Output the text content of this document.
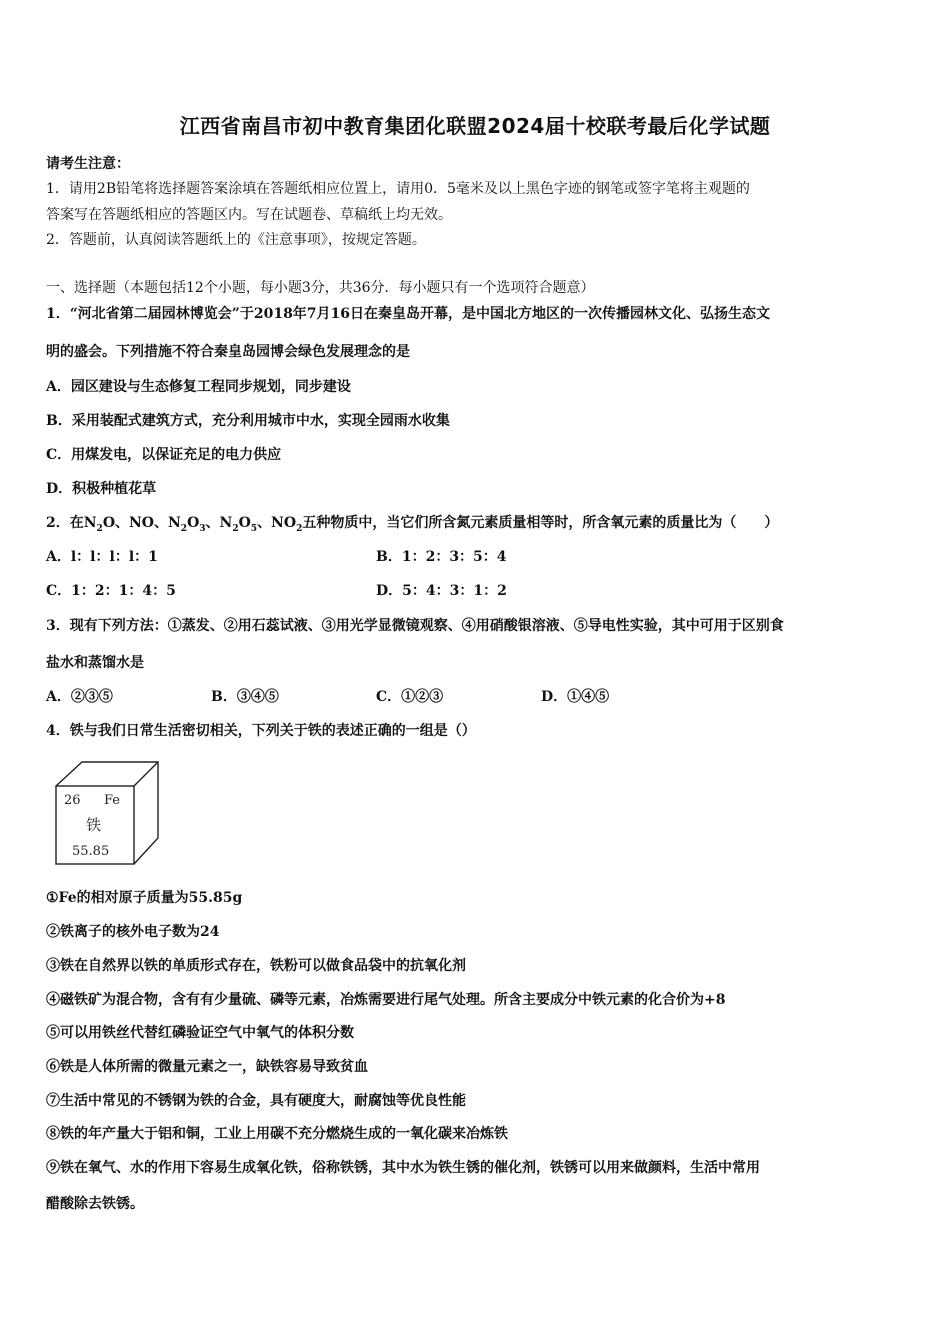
江西省南昌市初中教育集团化联盟2024届十校联考最后化学试题
请考生注意：
1．请用2B铅笔将选择题答案涂填在答题纸相应位置上，请用0．5毫米及以上黑色字迹的钢笔或签字笔将主观题的
答案写在答题纸相应的答题区内。写在试题卷、草稿纸上均无效。
2．答题前，认真阅读答题纸上的《注意事项》，按规定答题。
一、选择题（本题包括12个小题，每小题3分，共36分．每小题只有一个选项符合题意）
1．“河北省第二届园林博览会”于2018年7月16日在秦皇岛开幕，是中国北方地区的一次传播园林文化、弘扬生态文
明的盛会。下列措施不符合秦皇岛园博会绿色发展理念的是
A．园区建设与生态修复工程同步规划，同步建设
B．采用装配式建筑方式，充分利用城市中水，实现全园雨水收集
C．用煤发电，以保证充足的电力供应
D．积极种植花草
2．在$N_2O$、NO、$N_2O_3$、$N_2O_5$、$NO_2$五种物质中，当它们所含氮元素质量相等时，所含氧元素的质量比为（　　）
A．l：l：l：l：1	B．1：2：3：5：4
C．1：2：1：4：5	D．5：4：3：1：2
3．现有下列方法：①蒸发、②用石蕊试液、③用光学显微镜观察、④用硝酸银溶液、⑤导电性实验，其中可用于区别食
盐水和蒸馏水是
A．②③⑤	B．③④⑤	C．①②③	D．①④⑤
4．铁与我们日常生活密切相关，下列关于铁的表述正确的一组是（）
26 Fe
铁
55.85
①Fe的相对原子质量为55.85g
②铁离子的核外电子数为24
③铁在自然界以铁的单质形式存在，铁粉可以做食品袋中的抗氧化剂
④磁铁矿为混合物，含有有少量硫、磷等元素，冶炼需要进行尾气处理。所含主要成分中铁元素的化合价为+8
⑤可以用铁丝代替红磷验证空气中氧气的体积分数
⑥铁是人体所需的微量元素之一，缺铁容易导致贫血
⑦生活中常见的不锈钢为铁的合金，具有硬度大，耐腐蚀等优良性能
⑧铁的年产量大于铝和铜，工业上用碳不充分燃烧生成的一氧化碳来冶炼铁
⑨铁在氧气、水的作用下容易生成氧化铁，俗称铁锈，其中水为铁生锈的催化剂，铁锈可以用来做颜料，生活中常用
醋酸除去铁锈。
